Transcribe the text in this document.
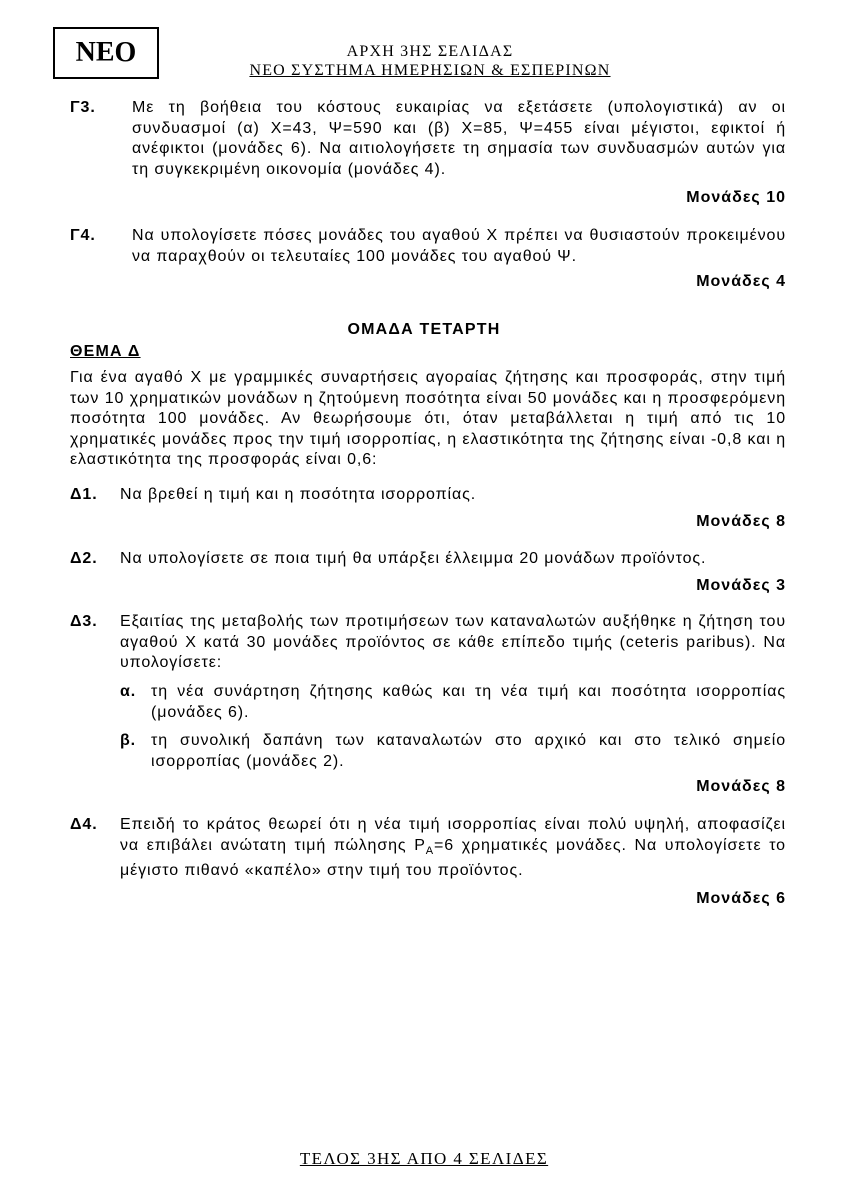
ΝΕΟ	ΑΡΧΗ 3ΗΣ ΣΕΛΙΔΑΣ
ΝΕΟ ΣΥΣΤΗΜΑ ΗΜΕΡΗΣΙΩΝ & ΕΣΠΕΡΙΝΩΝ
Γ3. Με τη βοήθεια του κόστους ευκαιρίας να εξετάσετε (υπολογιστικά) αν οι συνδυασμοί (α) Χ=43, Ψ=590 και (β) Χ=85, Ψ=455 είναι μέγιστοι, εφικτοί ή ανέφικτοι (μονάδες 6). Να αιτιολογήσετε τη σημασία των συνδυασμών αυτών για τη συγκεκριμένη οικονομία (μονάδες 4).
Μονάδες 10
Γ4. Να υπολογίσετε πόσες μονάδες του αγαθού Χ πρέπει να θυσιαστούν προκειμένου να παραχθούν οι τελευταίες 100 μονάδες του αγαθού Ψ.
Μονάδες 4
ΟΜΑΔΑ ΤΕΤΑΡΤΗ
ΘΕΜΑ Δ
Για ένα αγαθό Χ με γραμμικές συναρτήσεις αγοραίας ζήτησης και προσφοράς, στην τιμή των 10 χρηματικών μονάδων η ζητούμενη ποσότητα είναι 50 μονάδες και η προσφερόμενη ποσότητα 100 μονάδες. Αν θεωρήσουμε ότι, όταν μεταβάλλεται η τιμή από τις 10 χρηματικές μονάδες προς την τιμή ισορροπίας, η ελαστικότητα της ζήτησης είναι -0,8 και η ελαστικότητα της προσφοράς είναι 0,6:
Δ1. Να βρεθεί η τιμή και η ποσότητα ισορροπίας.
Μονάδες 8
Δ2. Να υπολογίσετε σε ποια τιμή θα υπάρξει έλλειμμα 20 μονάδων προϊόντος.
Μονάδες 3
Δ3. Εξαιτίας της μεταβολής των προτιμήσεων των καταναλωτών αυξήθηκε η ζήτηση του αγαθού Χ κατά 30 μονάδες προϊόντος σε κάθε επίπεδο τιμής (ceteris paribus). Να υπολογίσετε:
α. τη νέα συνάρτηση ζήτησης καθώς και τη νέα τιμή και ποσότητα ισορροπίας (μονάδες 6).
β. τη συνολική δαπάνη των καταναλωτών στο αρχικό και στο τελικό σημείο ισορροπίας (μονάδες 2).
Μονάδες 8
Δ4. Επειδή το κράτος θεωρεί ότι η νέα τιμή ισορροπίας είναι πολύ υψηλή, αποφασίζει να επιβάλει ανώτατη τιμή πώλησης $P_A=6$ χρηματικές μονάδες. Να υπολογίσετε το μέγιστο πιθανό «καπέλο» στην τιμή του προϊόντος.
Μονάδες 6
ΤΕΛΟΣ 3ΗΣ ΑΠΟ 4 ΣΕΛΙΔΕΣ
